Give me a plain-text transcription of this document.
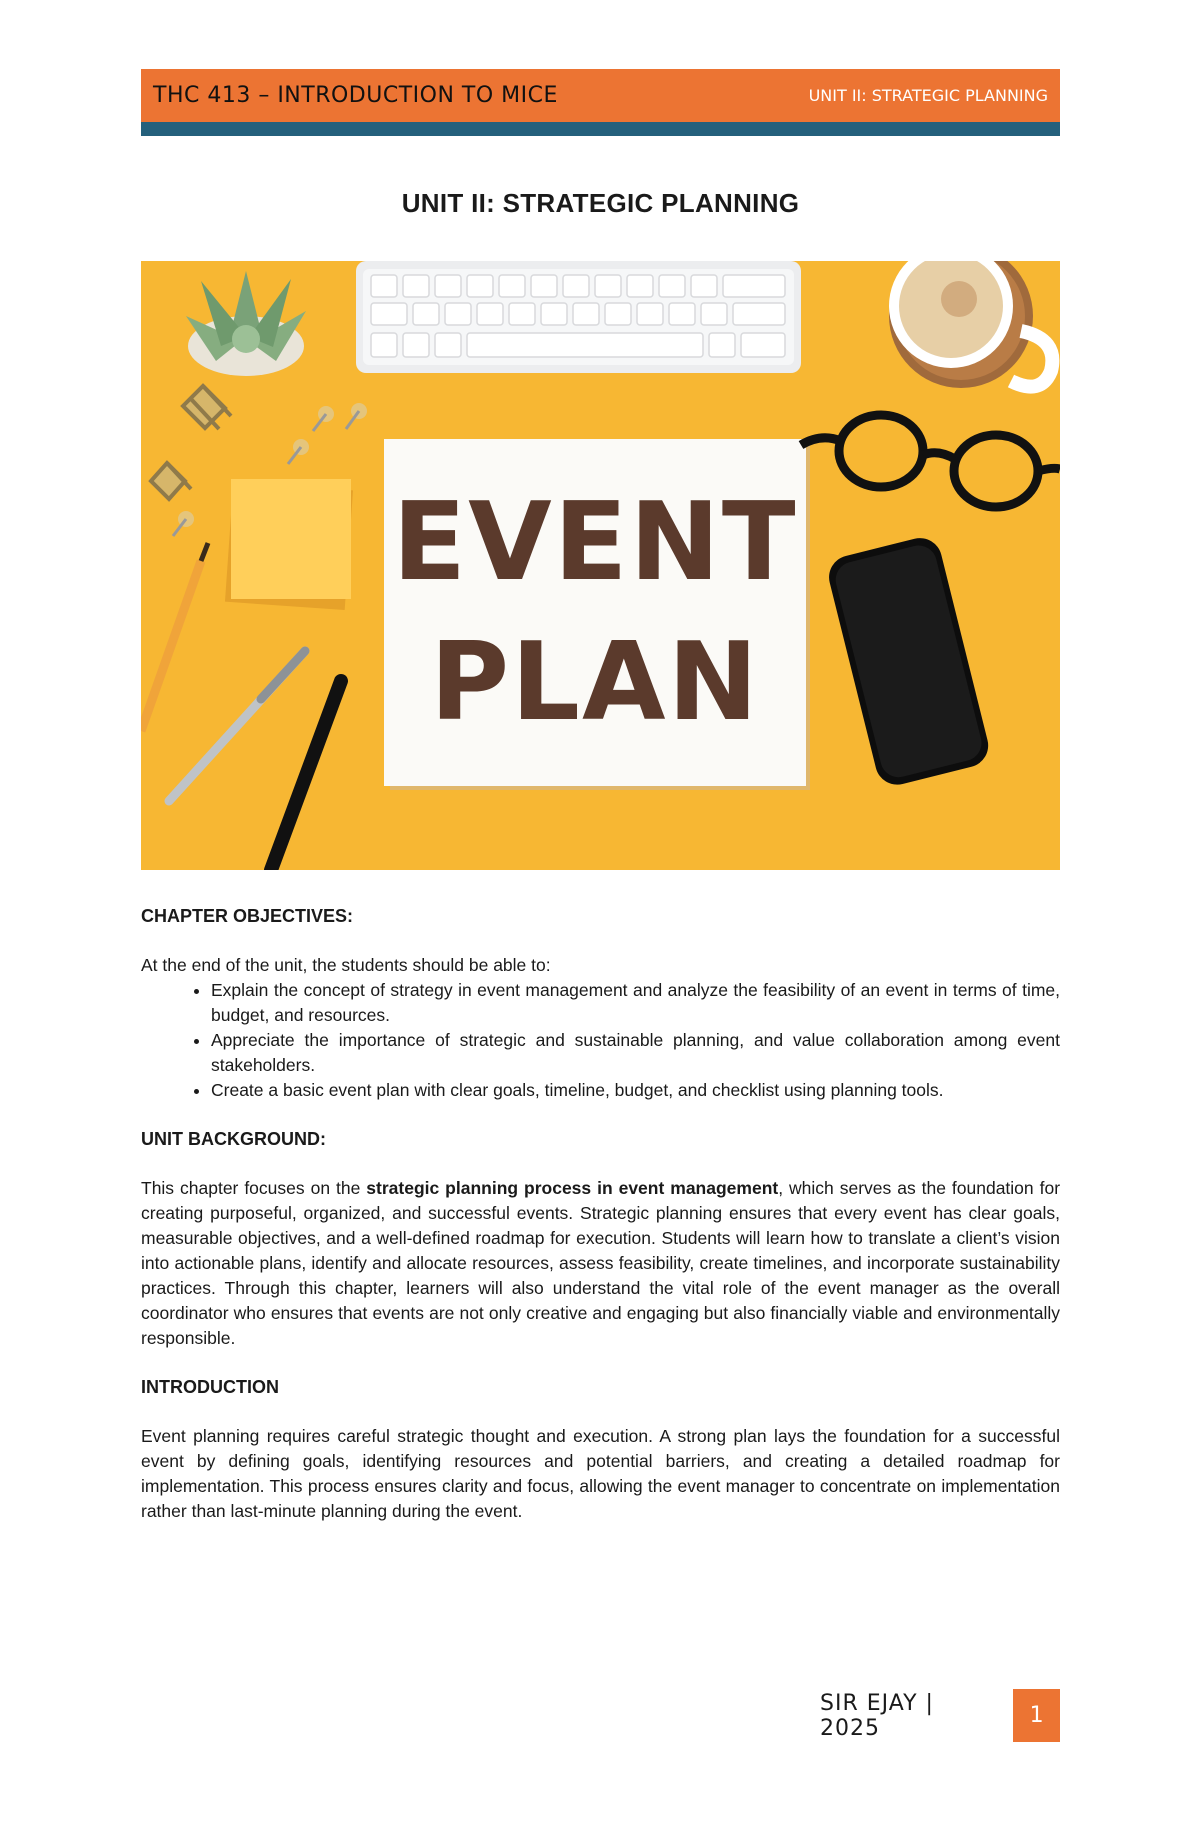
THC 413 – INTRODUCTION TO MICE	UNIT II: STRATEGIC PLANNING
UNIT II: STRATEGIC PLANNING
EVENT
PLAN
CHAPTER OBJECTIVES:

At the end of the unit, the students should be able to:

• Explain the concept of strategy in event management and analyze the feasibility of an event in terms of time, budget, and resources.
• Appreciate the importance of strategic and sustainable planning, and value collaboration among event stakeholders.
• Create a basic event plan with clear goals, timeline, budget, and checklist using planning tools.
UNIT BACKGROUND:

This chapter focuses on the strategic planning process in event management, which serves as the foundation for creating purposeful, organized, and successful events. Strategic planning ensures that every event has clear goals, measurable objectives, and a well-defined roadmap for execution. Students will learn how to translate a client’s vision into actionable plans, identify and allocate resources, assess feasibility, create timelines, and incorporate sustainability practices. Through this chapter, learners will also understand the vital role of the event manager as the overall coordinator who ensures that events are not only creative and engaging but also financially viable and environmentally responsible.

INTRODUCTION

Event planning requires careful strategic thought and execution. A strong plan lays the foundation for a successful event by defining goals, identifying resources and potential barriers, and creating a detailed roadmap for implementation. This process ensures clarity and focus, allowing the event manager to concentrate on implementation rather than last-minute planning during the event.

SIR EJAY | 2025	1
